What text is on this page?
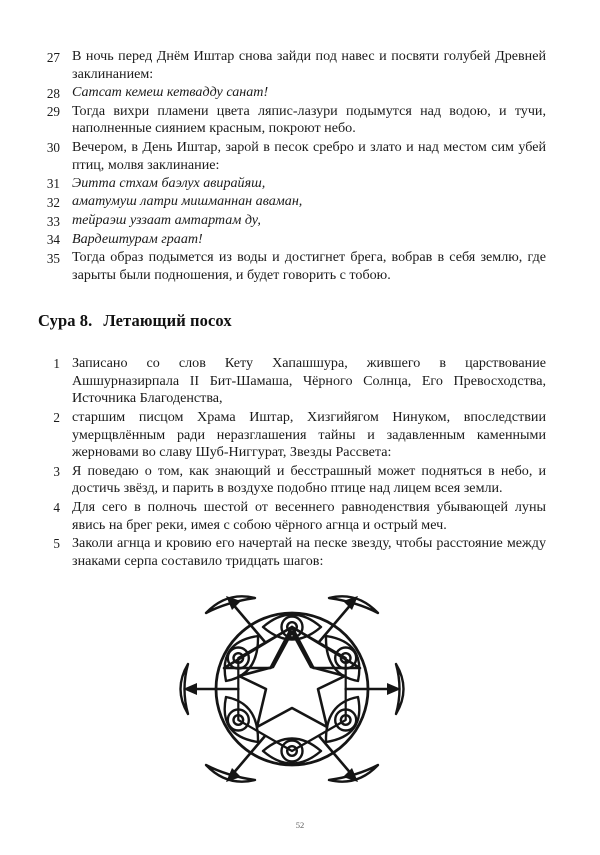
27 В ночь перед Днём Иштар снова зайди под навес и посвяти голубей Древней заклинанием:
28 Сатсат кемеш кетвадду санат!
29 Тогда вихри пламени цвета ляпис-лазури подымутся над водою, и тучи, наполненные сиянием красным, покроют небо.
30 Вечером, в День Иштар, зарой в песок сребро и злато и над местом сим убей птиц, молвя заклинание:
31 Эитта стхам баэлух авирайяш,
32 аматумуш латри мишманнан аваман,
33 тейраэш уззаат амтартам ду,
34 Вардештурам граат!
35 Тогда образ подымется из воды и достигнет брега, вобрав в себя землю, где зарыты были подношения, и будет говорить с тобою.
Сура 8. Летающий посох
1 Записано со слов Кету Хапашшура, жившего в царствование Ашшурназирпала II Бит-Шамаша, Чёрного Солнца, Его Превосходства, Источника Благоденства,
2 старшим писцом Храма Иштар, Хизгийягом Нинуком, впоследствии умерщвлённым ради неразглашения тайны и задавленным каменными жерновами во славу Шуб-Ниггурат, Звезды Рассвета:
3 Я поведаю о том, как знающий и бесстрашный может подняться в небо, и достичь звёзд, и парить в воздухе подобно птице над лицем всея земли.
4 Для сего в полночь шестой от весеннего равноденствия убывающей луны явись на брег реки, имея с собою чёрного агнца и острый меч.
5 Заколи агнца и кровию его начертай на песке звезду, чтобы расстояние между знаками серпа составило тридцать шагов:
52
